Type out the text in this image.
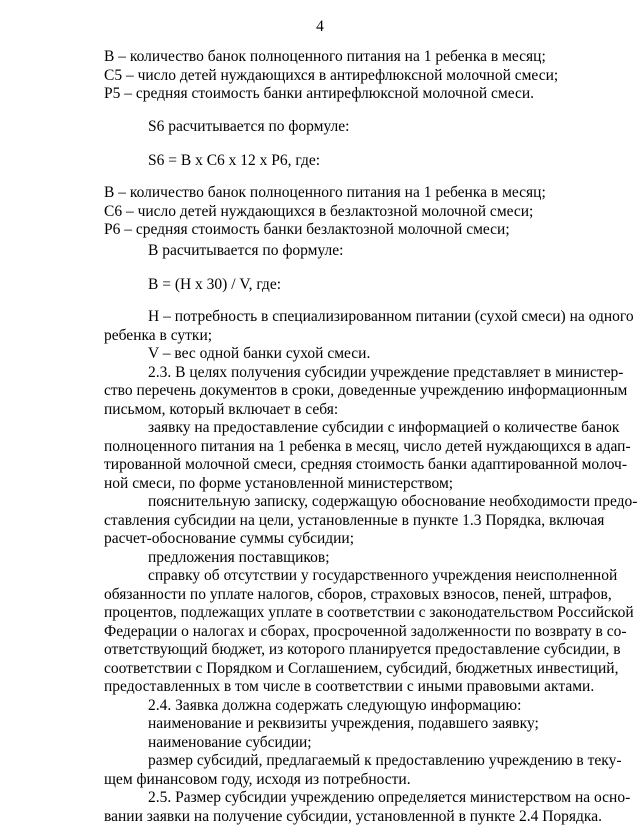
4
В – количество банок полноценного питания на 1 ребенка в месяц;
С5 – число детей нуждающихся в антирефлюксной молочной смеси;
Р5 – средняя стоимость банки антирефлюксной молочной смеси.
S6 расчитывается по формуле:
S6 = В х С6 х 12 х Р6, где:
В – количество банок полноценного питания на 1 ребенка в месяц;
С6 – число детей нуждающихся в безлактозной молочной смеси;
Р6 – средняя стоимость банки безлактозной молочной смеси;
В расчитывается по формуле:
В = (Н х 30) / V, где:
Н – потребность в специализированном питании (сухой смеси) на одного
ребенка в сутки;
V – вес одной банки сухой смеси.
2.3. В целях получения субсидии учреждение представляет в министер-
ство перечень документов в сроки, доведенные учреждению информационным
письмом, который включает в себя:
заявку на предоставление субсидии с информацией о количестве банок
полноценного питания на 1 ребенка в месяц, число детей нуждающихся в адап-
тированной молочной смеси, средняя стоимость банки адаптированной молоч-
ной смеси, по форме установленной министерством;
пояснительную записку, содержащую обоснование необходимости предо-
ставления субсидии на цели, установленные в пункте 1.3 Порядка, включая
расчет-обоснование суммы субсидии;
предложения поставщиков;
справку об отсутствии у государственного учреждения неисполненной
обязанности по уплате налогов, сборов, страховых взносов, пеней, штрафов,
процентов, подлежащих уплате в соответствии с законодательством Российской
Федерации о налогах и сборах, просроченной задолженности по возврату в со-
ответствующий бюджет, из которого планируется предоставление субсидии, в
соответствии с Порядком и Соглашением, субсидий, бюджетных инвестиций,
предоставленных в том числе в соответствии с иными правовыми актами.
2.4. Заявка должна содержать следующую информацию:
наименование и реквизиты учреждения, подавшего заявку;
наименование субсидии;
размер субсидий, предлагаемый к предоставлению учреждению в теку-
щем финансовом году, исходя из потребности.
2.5. Размер субсидии учреждению определяется министерством на осно-
вании заявки на получение субсидии, установленной в пункте 2.4 Порядка.
